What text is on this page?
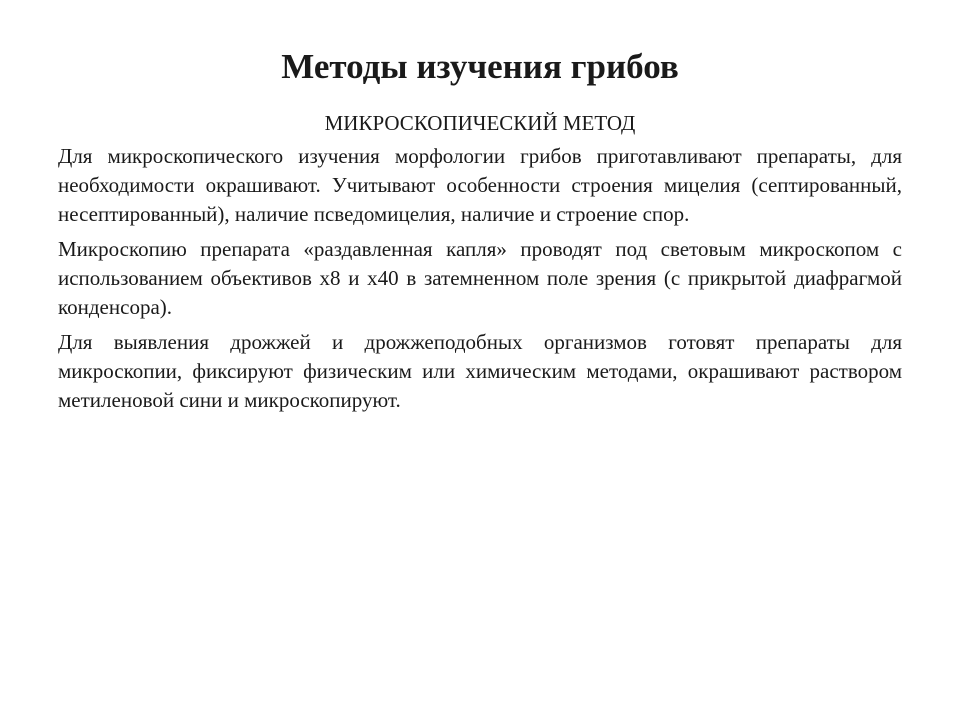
Методы изучения грибов

МИКРОСКОПИЧЕСКИЙ МЕТОД

Для микроскопического изучения морфологии грибов приготавливают препараты, для необходимости окрашивают. Учитывают особенности строения мицелия (септированный, несептированный), наличие псведомицелия, наличие и строение спор.

Микроскопию препарата «раздавленная капля» проводят под световым микроскопом с использованием объективов х8 и х40 в затемненном поле зрения (с прикрытой диафрагмой конденсора).

Для выявления дрожжей и дрожжеподобных организмов готовят препараты для микроскопии, фиксируют физическим или химическим методами, окрашивают раствором метиленовой сини и микроскопируют.
